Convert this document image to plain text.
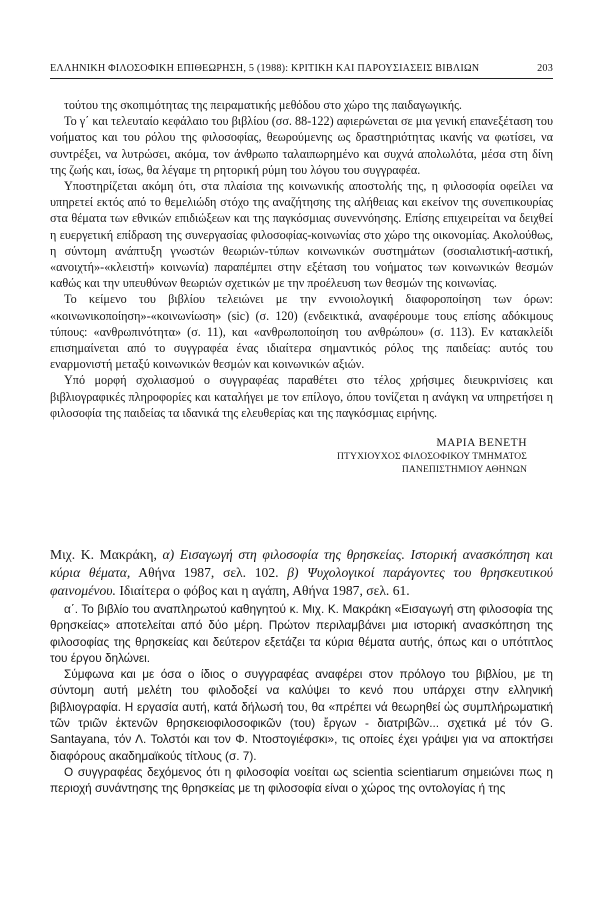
ΕΛΛΗΝΙΚΗ ΦΙΛΟΣΟΦΙΚΗ ΕΠΙΘΕΩΡΗΣΗ, 5 (1988): ΚΡΙΤΙΚΗ ΚΑΙ ΠΑΡΟΥΣΙΑΣΕΙΣ ΒΙΒΛΙΩΝ	203

τούτου της σκοπιμότητας της πειραματικής μεθόδου στο χώρο της παιδαγωγικής.

Το γ΄ και τελευταίο κεφάλαιο του βιβλίου (σσ. 88-122) αφιερώνεται σε μια γενική επανεξέταση του νοήματος και του ρόλου της φιλοσοφίας, θεωρούμενης ως δραστηριότητας ικανής να φωτίσει, να συντρέξει, να λυτρώσει, ακόμα, τον άνθρωπο ταλαιπωρημένο και συχνά απολωλότα, μέσα στη δίνη της ζωής και, ίσως, θα λέγαμε τη ρητορική ρύμη του λόγου του συγγραφέα.

Υποστηρίζεται ακόμη ότι, στα πλαίσια της κοινωνικής αποστολής της, η φιλοσοφία οφείλει να υπηρετεί εκτός από το θεμελιώδη στόχο της αναζήτησης της αλήθειας και εκείνον της συνεπικουρίας στα θέματα των εθνικών επιδιώξεων και της παγκόσμιας συνεννόησης. Επίσης επιχειρείται να δειχθεί η ευεργετική επίδραση της συνεργασίας φιλοσοφίας-κοινωνίας στο χώρο της οικονομίας. Ακολούθως, η σύντομη ανάπτυξη γνωστών θεωριών-τύπων κοινωνικών συστημάτων (σοσιαλιστική-αστική, «ανοιχτή»-«κλειστή» κοινωνία) παραπέμπει στην εξέταση του νοήματος των κοινωνικών θεσμών καθώς και την υπευθύνων θεωριών σχετικών με την προέλευση των θεσμών της κοινωνίας.

Το κείμενο του βιβλίου τελειώνει με την εννοιολογική διαφοροποίηση των όρων: «κοινωνικοποίηση»-«κοινωνίωση» (sic) (σ. 120) (ενδεικτικά, αναφέρουμε τους επίσης αδόκιμους τύπους: «ανθρωπινότητα» (σ. 11), και «ανθρωποποίηση του ανθρώπου» (σ. 113). Εν κατακλείδι επισημαίνεται από το συγγραφέα ένας ιδιαίτερα σημαντικός ρόλος της παιδείας: αυτός του εναρμονιστή μεταξύ κοινωνικών θεσμών και κοινωνικών αξιών.

Υπό μορφή σχολιασμού ο συγγραφέας παραθέτει στο τέλος χρήσιμες διευκρινίσεις και βιβλιογραφικές πληροφορίες και καταλήγει με τον επίλογο, όπου τονίζεται η ανάγκη να υπηρετήσει η φιλοσοφία της παιδείας τα ιδανικά της ελευθερίας και της παγκόσμιας ειρήνης.

ΜΑΡΙΑ ΒΕΝΕΤΗ
ΠΤΥΧΙΟΥΧΟΣ ΦΙΛΟΣΟΦΙΚΟΥ ΤΜΗΜΑΤΟΣ
ΠΑΝΕΠΙΣΤΗΜΙΟΥ ΑΘΗΝΩΝ
Μιχ. Κ. Μακράκη, α) Εισαγωγή στη φιλοσοφία της θρησκείας. Ιστορική ανασκόπηση και κύρια θέματα, Αθήνα 1987, σελ. 102. β) Ψυχολογικοί παράγοντες του θρησκευτικού φαινομένου. Ιδιαίτερα ο φόβος και η αγάπη, Αθήνα 1987, σελ. 61.

α΄. Το βιβλίο του αναπληρωτού καθηγητού κ. Μιχ. Κ. Μακράκη «Εισαγωγή στη φιλοσοφία της θρησκείας» αποτελείται από δύο μέρη. Πρώτον περιλαμβάνει μια ιστορική ανασκόπηση της φιλοσοφίας της θρησκείας και δεύτερον εξετάζει τα κύρια θέματα αυτής, όπως και ο υπότιτλος του έργου δηλώνει.

Σύμφωνα και με όσα ο ίδιος ο συγγραφέας αναφέρει στον πρόλογο του βιβλίου, με τη σύντομη αυτή μελέτη του φιλοδοξεί να καλύψει το κενό που υπάρχει στην ελληνική βιβλιογραφία. Η εργασία αυτή, κατά δήλωσή του, θα «πρέπει νά θεωρηθεί ὡς συμπλήρωματική τῶν τριῶν ἐκτενῶν θρησκειοφιλοσοφικῶν (του) ἔργων - διατριβῶν... σχετικά μέ τόν G. Santayana, τόν Λ. Τολστόι και τον Φ. Ντοστογιέφσκι», τις οποίες έχει γράψει για να αποκτήσει διαφόρους ακαδημαϊκούς τίτλους (σ. 7).

Ο συγγραφέας δεχόμενος ότι η φιλοσοφία νοείται ως scientia scientiarum σημειώνει πως η περιοχή συνάντησης της θρησκείας με τη φιλοσοφία είναι ο χώρος της οντολογίας ή της
